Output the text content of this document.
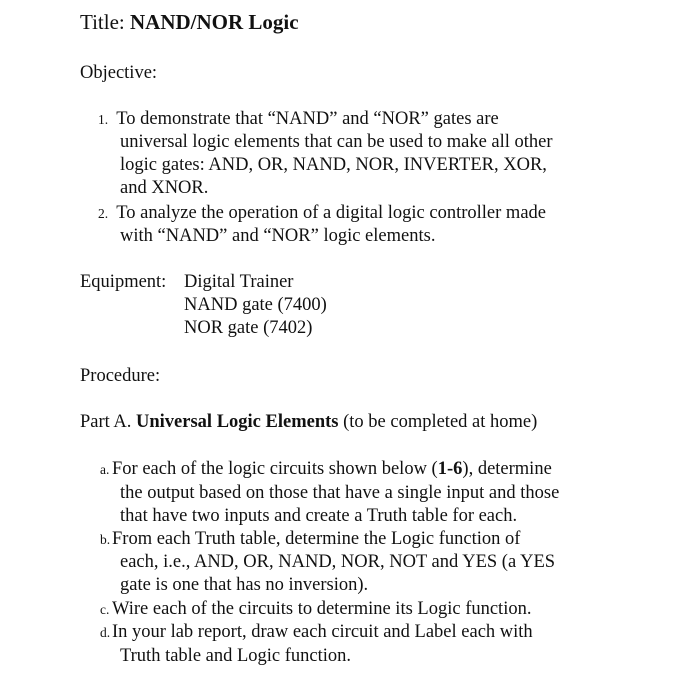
Title: NAND/NOR Logic
Objective:
1. To demonstrate that “NAND” and “NOR” gates are
universal logic elements that can be used to make all other
logic gates: AND, OR, NAND, NOR, INVERTER, XOR,
and XNOR.
2. To analyze the operation of a digital logic controller made
with “NAND” and “NOR” logic elements.
Equipment: Digital Trainer
NAND gate (7400)
NOR gate (7402)
Procedure:
Part A. Universal Logic Elements (to be completed at home)
a. For each of the logic circuits shown below (1-6), determine
the output based on those that have a single input and those
that have two inputs and create a Truth table for each.
b. From each Truth table, determine the Logic function of
each, i.e., AND, OR, NAND, NOR, NOT and YES (a YES
gate is one that has no inversion).
c. Wire each of the circuits to determine its Logic function.
d. In your lab report, draw each circuit and Label each with
Truth table and Logic function.
